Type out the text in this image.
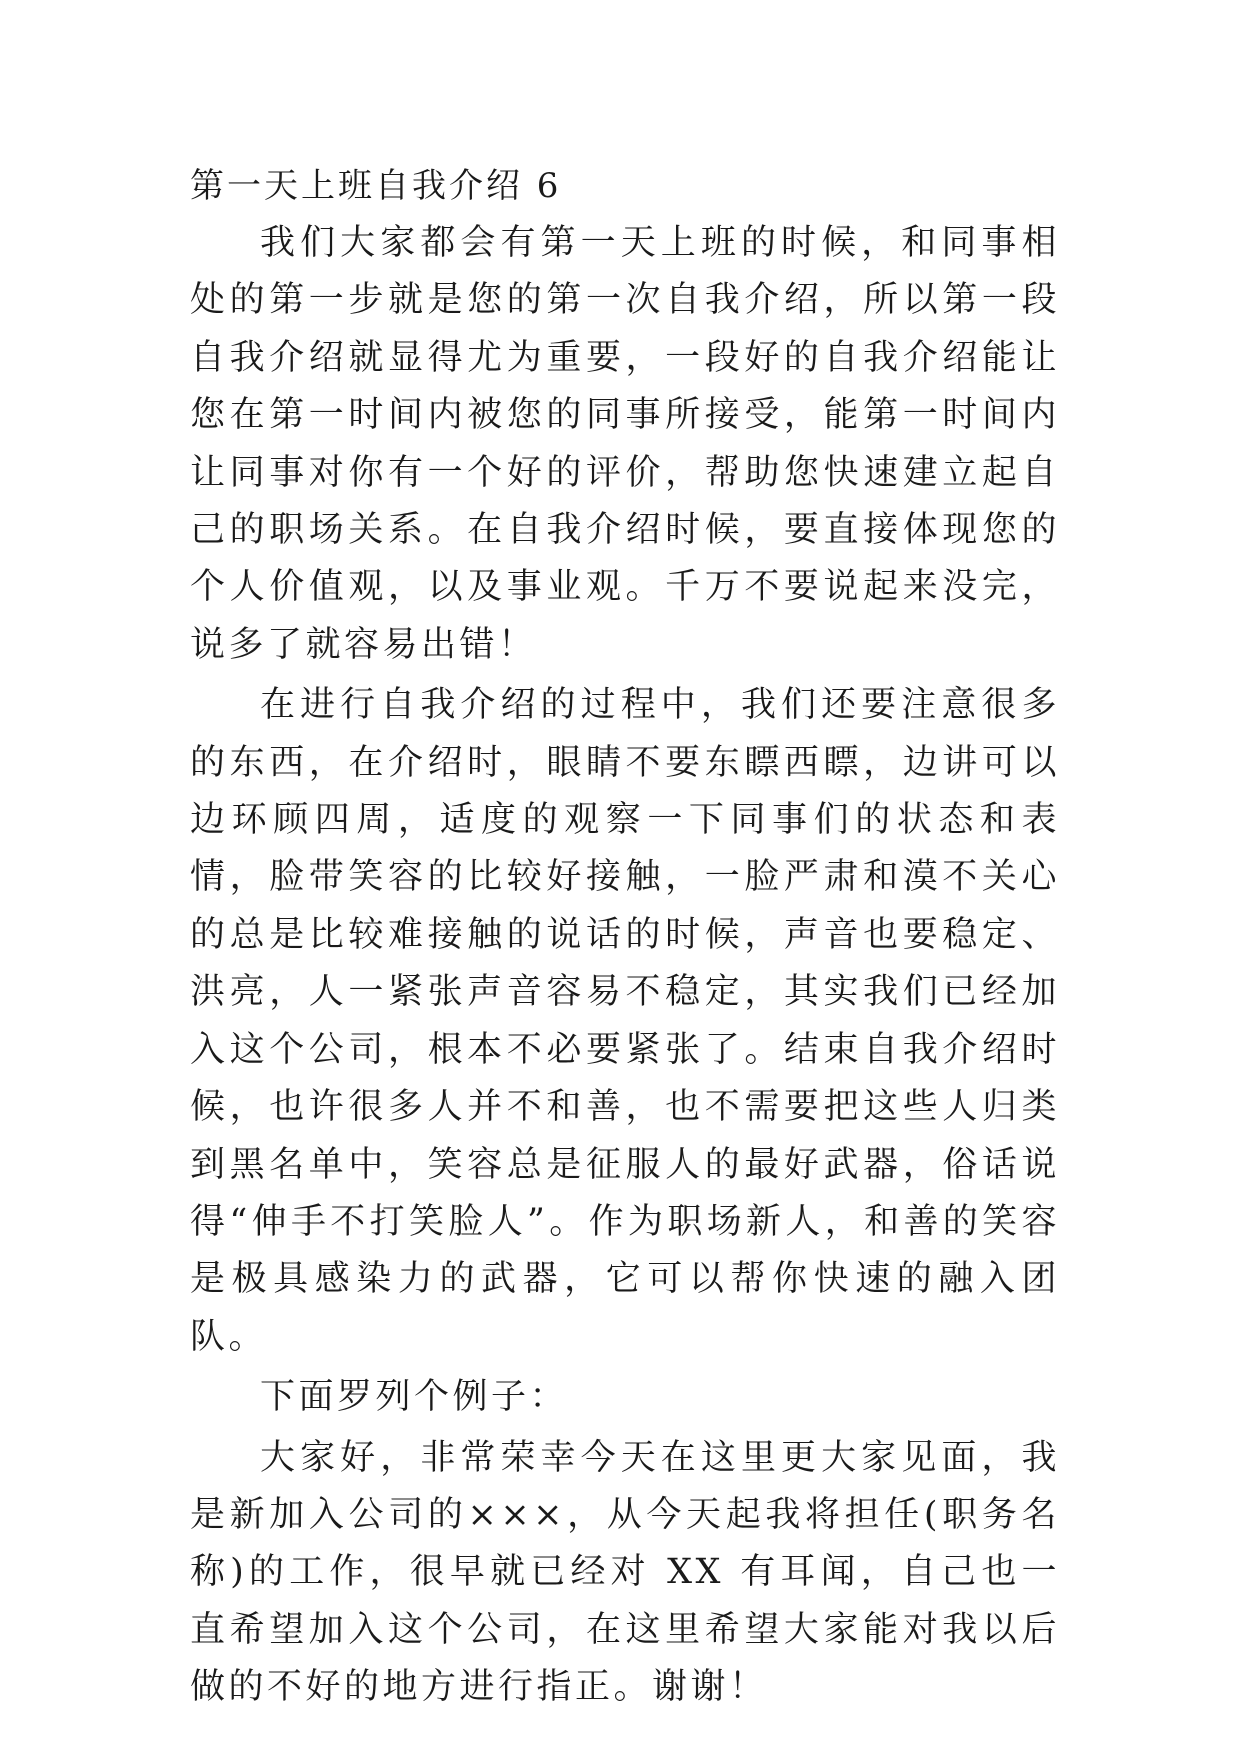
第一天上班自我介绍 6

我们大家都会有第一天上班的时候，和同事相处的第一步就是您的第一次自我介绍，所以第一段自我介绍就显得尤为重要，一段好的自我介绍能让您在第一时间内被您的同事所接受，能第一时间内让同事对你有一个好的评价，帮助您快速建立起自己的职场关系。在自我介绍时候，要直接体现您的个人价值观，以及事业观。千万不要说起来没完，说多了就容易出错！

在进行自我介绍的过程中，我们还要注意很多的东西，在介绍时，眼睛不要东瞟西瞟，边讲可以边环顾四周，适度的观察一下同事们的状态和表情，脸带笑容的比较好接触，一脸严肃和漠不关心的总是比较难接触的说话的时候，声音也要稳定、洪亮，人一紧张声音容易不稳定，其实我们已经加入这个公司，根本不必要紧张了。结束自我介绍时候，也许很多人并不和善，也不需要把这些人归类到黑名单中，笑容总是征服人的最好武器，俗话说得“伸手不打笑脸人”。作为职场新人，和善的笑容是极具感染力的武器，它可以帮你快速的融入团队。

下面罗列个例子：

大家好，非常荣幸今天在这里更大家见面，我是新加入公司的×××，从今天起我将担任(职务名称)的工作，很早就已经对 XX 有耳闻，自己也一直希望加入这个公司，在这里希望大家能对我以后做的不好的地方进行指正。谢谢！
